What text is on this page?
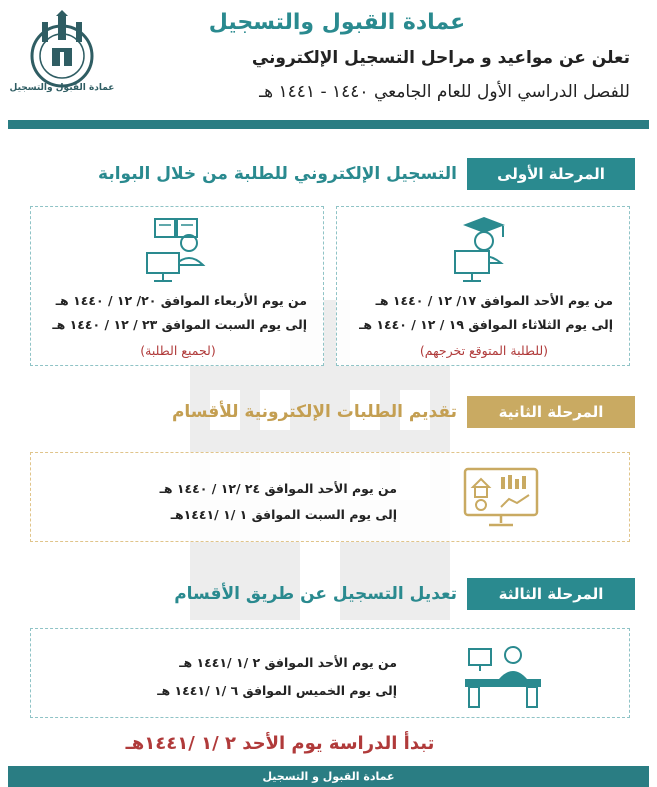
عمادة القبول والتسجيل
عمادة القبول والتسجيل
تعلن عن مواعيد و مراحل التسجيل الإلكتروني
للفصل الدراسي الأول للعام الجامعي ١٤٤٠ - ١٤٤١ هـ
المرحلة الأولى
التسجيل الإلكتروني للطلبة من خلال البوابة
من يوم الأحد الموافق ١٧/ ١٢ / ١٤٤٠ هـ
إلى يوم الثلاثاء الموافق ١٩ / ١٢ / ١٤٤٠ هـ
(للطلبة المتوقع تخرجهم)
من يوم الأربعاء الموافق ٢٠/ ١٢ / ١٤٤٠ هـ
إلى يوم السبت الموافق ٢٣ / ١٢ / ١٤٤٠ هـ
(لجميع الطلبة)
المرحلة الثانية
تقديم الطلبات الإلكترونية للأقسام
من يوم الأحد الموافق ٢٤ /١٢ / ١٤٤٠ هـ
إلى يوم السبت الموافق ١ /١ /١٤٤١هـ
المرحلة الثالثة
تعديل التسجيل عن طريق الأقسام
من يوم الأحد الموافق ٢ /١ /١٤٤١ هـ
إلى يوم الخميس الموافق ٦ /١ /١٤٤١ هـ
تبدأ الدراسة يوم الأحد ٢ /١ /١٤٤١هـ
عمادة القبول و التسجيل
